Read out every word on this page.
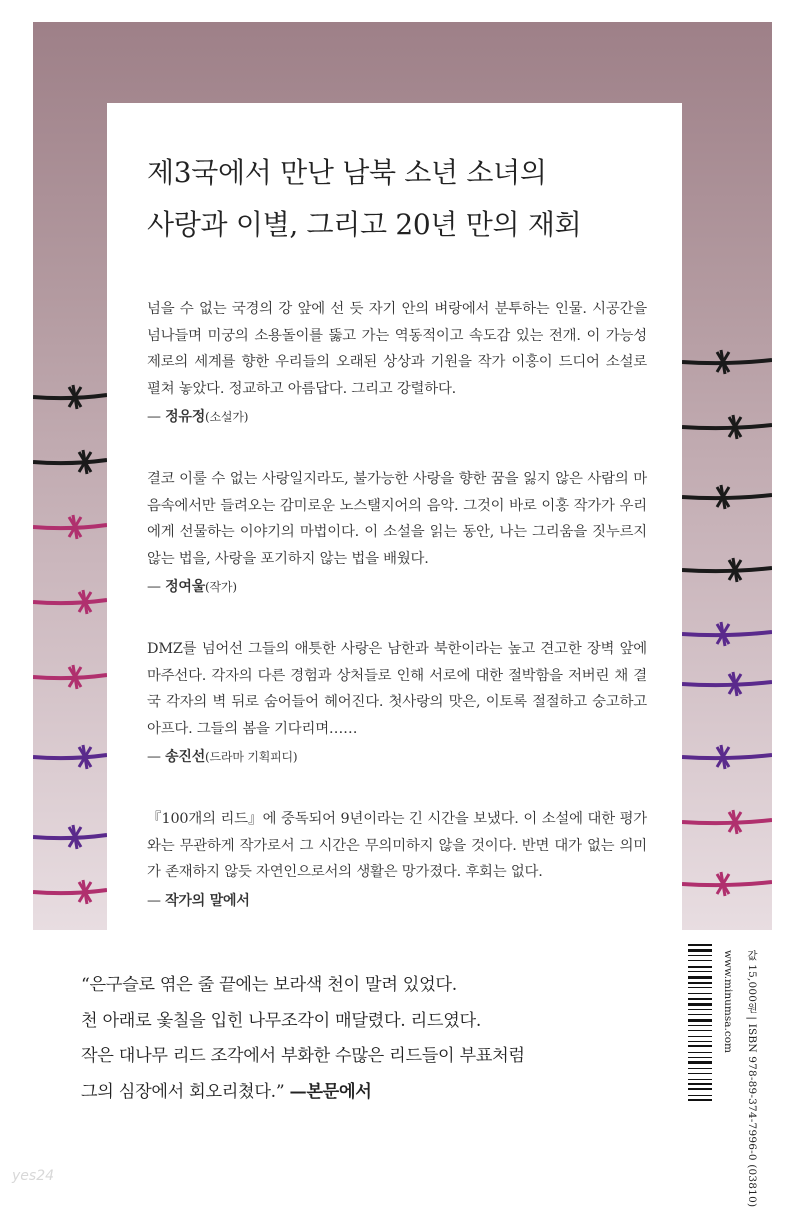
제3국에서 만난 남북 소년 소녀의
사랑과 이별, 그리고 20년 만의 재회

넘을 수 없는 국경의 강 앞에 선 듯 자기 안의 벼랑에서 분투하는 인물. 시공간을 넘나들며 미궁의 소용돌이를 뚫고 가는 역동적이고 속도감 있는 전개. 이 가능성 제로의 세계를 향한 우리들의 오래된 상상과 기원을 작가 이홍이 드디어 소설로 펼쳐 놓았다. 정교하고 아름답다. 그리고 강렬하다.

— 정유정(소설가)

결코 이룰 수 없는 사랑일지라도, 불가능한 사랑을 향한 꿈을 잃지 않은 사람의 마음속에서만 들려오는 감미로운 노스탤지어의 음악. 그것이 바로 이홍 작가가 우리에게 선물하는 이야기의 마법이다. 이 소설을 읽는 동안, 나는 그리움을 짓누르지 않는 법을, 사랑을 포기하지 않는 법을 배웠다.

— 정여울(작가)

DMZ를 넘어선 그들의 애틋한 사랑은 남한과 북한이라는 높고 견고한 장벽 앞에 마주선다. 각자의 다른 경험과 상처들로 인해 서로에 대한 절박함을 저버린 채 결국 각자의 벽 뒤로 숨어들어 헤어진다. 첫사랑의 맛은, 이토록 절절하고 숭고하고 아프다. 그들의 봄을 기다리며……

— 송진선(드라마 기획피디)

『100개의 리드』에 중독되어 9년이라는 긴 시간을 보냈다. 이 소설에 대한 평가와는 무관하게 작가로서 그 시간은 무의미하지 않을 것이다. 반면 대가 없는 의미가 존재하지 않듯 자연인으로서의 생활은 망가졌다. 후회는 없다.

— 작가의 말에서
“은구슬로 엮은 줄 끝에는 보라색 천이 말려 있었다.
천 아래로 옻칠을 입힌 나무조각이 매달렸다. 리드였다.
작은 대나무 리드 조각에서 부화한 수많은 리드들이 부표처럼
그의 심장에서 회오리쳤다.” —본문에서	값 15,000원 | ISBN 978-89-374-7996-0 (03810)
www.minumsa.com
yes24
